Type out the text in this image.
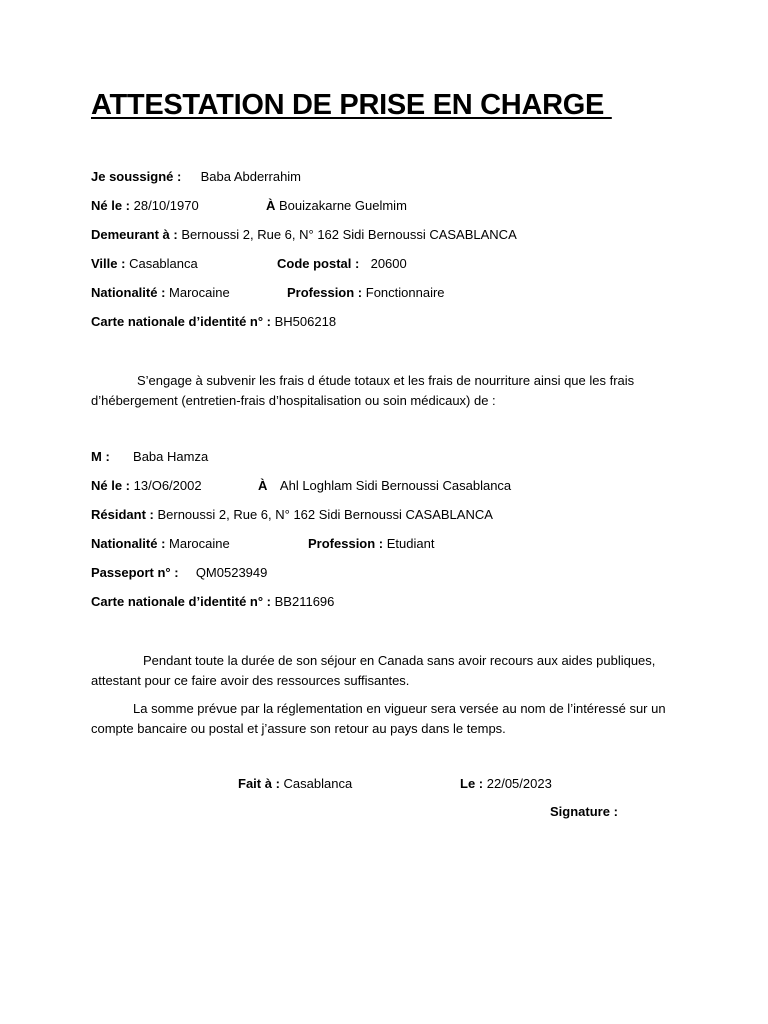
ATTESTATION DE PRISE EN CHARGE
Je soussigné : Baba Abderrahim
Né le : 28/10/1970	À Bouizakarne Guelmim
Demeurant à : Bernoussi 2, Rue 6, N° 162 Sidi Bernoussi CASABLANCA
Ville : Casablanca	Code postal : 20600
Nationalité : Marocaine	Profession : Fonctionnaire
Carte nationale d’identité n° : BH506218
S’engage à subvenir les frais d étude totaux et les frais de nourriture ainsi que les frais d’hébergement (entretien-frais d’hospitalisation ou soin médicaux) de :
M : Baba Hamza
Né le : 13/O6/2002	À Ahl Loghlam Sidi Bernoussi Casablanca
Résidant : Bernoussi 2, Rue 6, N° 162 Sidi Bernoussi CASABLANCA
Nationalité : Marocaine	Profession : Etudiant
Passeport n° : QM0523949
Carte nationale d’identité n° : BB211696
Pendant toute la durée de son séjour en Canada sans avoir recours aux aides publiques, attestant pour ce faire avoir des ressources suffisantes.
La somme prévue par la réglementation en vigueur sera versée au nom de l’intéressé sur un compte bancaire ou postal et j’assure son retour au pays dans le temps.
Fait à : Casablanca	Le : 22/05/2023
Signature :
